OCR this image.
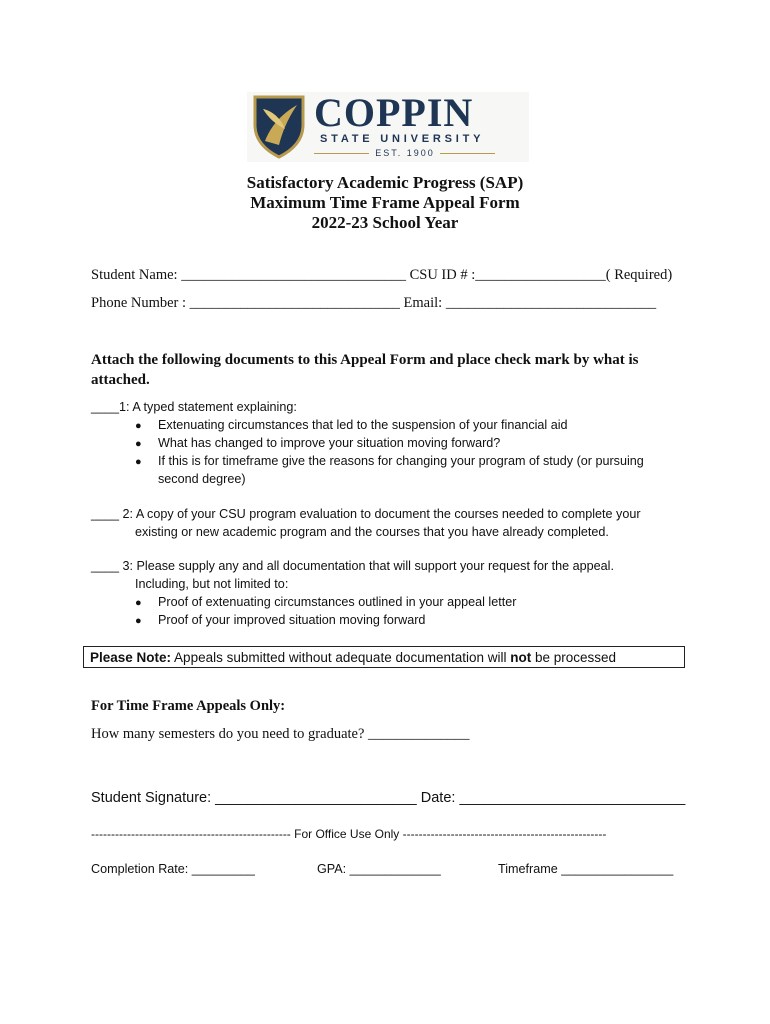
COPPIN
STATE UNIVERSITY
EST. 1900
Satisfactory Academic Progress (SAP)
Maximum Time Frame Appeal Form
2022-23 School Year
Student Name: _______________________________ CSU ID # :__________________( Required)
Phone Number : _____________________________ Email: _____________________________
Attach the following documents to this Appeal Form and place check mark by what is attached.
____1: A typed statement explaining:
● Extenuating circumstances that led to the suspension of your financial aid
● What has changed to improve your situation moving forward?
● If this is for timeframe give the reasons for changing your program of study (or pursuing
second degree)
____ 2: A copy of your CSU program evaluation to document the courses needed to complete your
existing or new academic program and the courses that you have already completed.
____ 3: Please supply any and all documentation that will support your request for the appeal.
Including, but not limited to:
● Proof of extenuating circumstances outlined in your appeal letter
● Proof of your improved situation moving forward
Please Note: Appeals submitted without adequate documentation will not be processed
For Time Frame Appeals Only:
How many semesters do you need to graduate? ______________
Student Signature: _________________________ Date: ____________________________
-------------------------------------------------- For Office Use Only ---------------------------------------------------
Completion Rate: _________	GPA: _____________	Timeframe ________________
